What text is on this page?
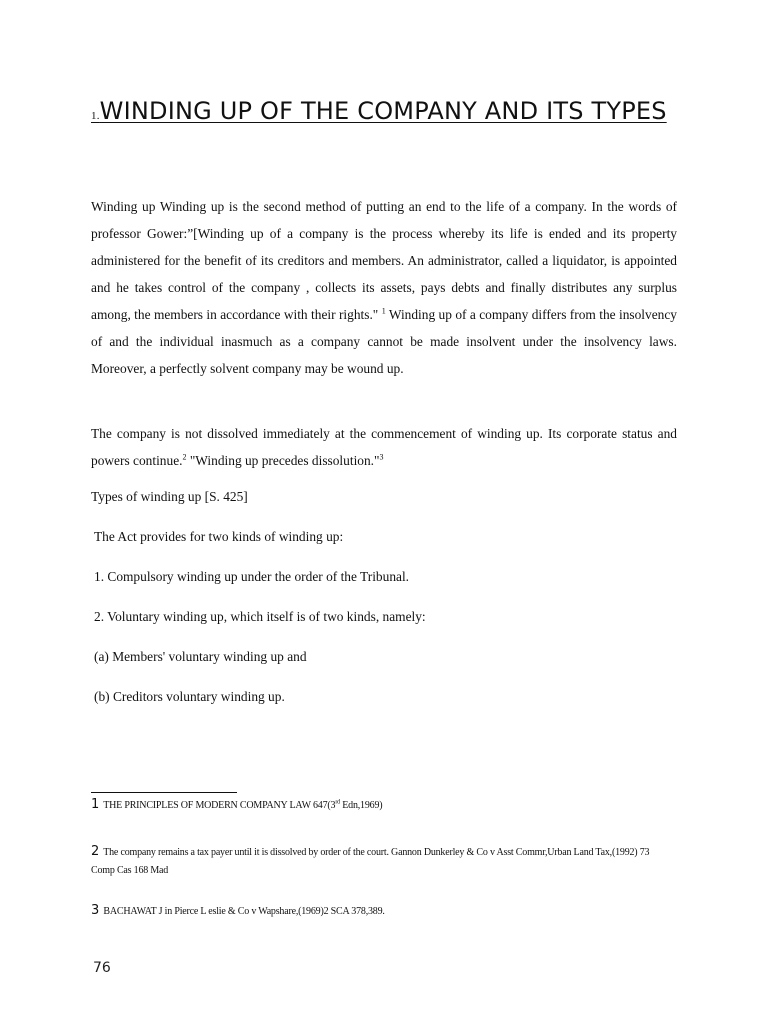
1.WINDING UP OF THE COMPANY AND ITS TYPES
Winding up Winding up is the second method of putting an end to the life of a company. In the words of professor Gower:”[Winding up of a company is the process whereby its life is ended and its property administered for the benefit of its creditors and members. An administrator, called a liquidator, is appointed and he takes control of the company , collects its assets, pays debts and finally distributes any surplus among, the members in accordance with their rights." $^1$ Winding up of a company differs from the insolvency of and the individual inasmuch as a company cannot be made insolvent under the insolvency laws. Moreover, a perfectly solvent company may be wound up.
The company is not dissolved immediately at the commencement of winding up. Its corporate status and powers continue.$^2$ "Winding up precedes dissolution."$^3$
Types of winding up [S. 425]
The Act provides for two kinds of winding up:
1. Compulsory winding up under the order of the Tribunal.
2. Voluntary winding up, which itself is of two kinds, namely:
(a) Members' voluntary winding up and
(b) Creditors voluntary winding up.
1 THE PRINCIPLES OF MODERN COMPANY LAW 647(3rd Edn,1969)
2 The company remains a tax payer until it is dissolved by order of the court. Gannon Dunkerley & Co v Asst Commr,Urban Land Tax,(1992) 73 Comp Cas 168 Mad
3 BACHAWAT J in Pierce L eslie & Co v Wapshare,(1969)2 SCA 378,389.
76
